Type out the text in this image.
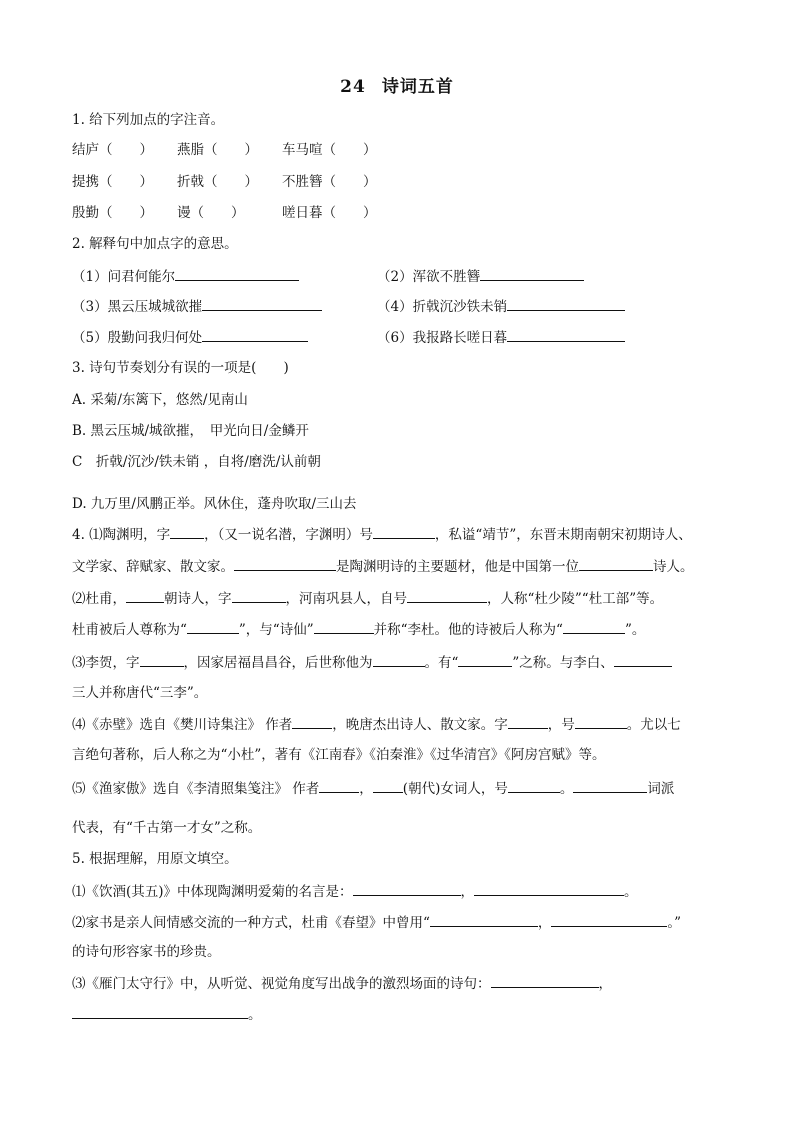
24 诗词五首
1. 给下列加点的字注音。
结庐（　　） 燕脂（　　） 车马喧（　　）
提携（　　） 折戟（　　） 不胜簪（　　）
殷勤（　　） 谩（　　）	嗟日暮（　　）
2. 解释句中加点字的意思。
（1）问君何能尔	（2）浑欲不胜簪
（3）黑云压城城欲摧	（4）折戟沉沙铁未销
（5）殷勤问我归何处	（6）我报路长嗟日暮
3. 诗句节奏划分有误的一项是(　　)
A. 采菊/东篱下，悠然/见南山
B. 黑云压城/城欲摧，　甲光向日/金鳞开
C　折戟/沉沙/铁未销 ，自将/磨洗/认前朝
D. 九万里/风鹏正举。风休住，蓬舟吹取/三山去
4. ⑴陶渊明，字	，（又一说名潜，字渊明）号	，私谥“靖节”，东晋末期南朝宋初期诗人、
文学家、辞赋家、散文家。	是陶渊明诗的主要题材，他是中国第一位	诗人。
⑵杜甫，	朝诗人，字	，河南巩县人，自号	，人称“杜少陵”“杜工部”等。
杜甫被后人尊称为“	”，与“诗仙”	并称“李杜。他的诗被后人称为“	”。
⑶李贺，字	，因家居福昌昌谷，后世称他为	。有“	”之称。与李白、
三人并称唐代“三李”。
⑷《赤壁》选自《樊川诗集注》 作者	，晚唐杰出诗人、散文家。字	，号	。尤以七
言绝句著称，后人称之为“小杜”，著有《江南春》《泊秦淮》《过华清宫》《阿房宫赋》等。
⑸《渔家傲》选自《李清照集笺注》 作者	， (朝代)女词人，号	。	词派
代表，有“千古第一才女”之称。
5. 根据理解，用原文填空。
⑴《饮酒(其五)》中体现陶渊明爱菊的名言是：	，	。
⑵家书是亲人间情感交流的一种方式，杜甫《春望》中曾用“	，	。”
的诗句形容家书的珍贵。
⑶《雁门太守行》中，从听觉、视觉角度写出战争的激烈场面的诗句：	，
。
